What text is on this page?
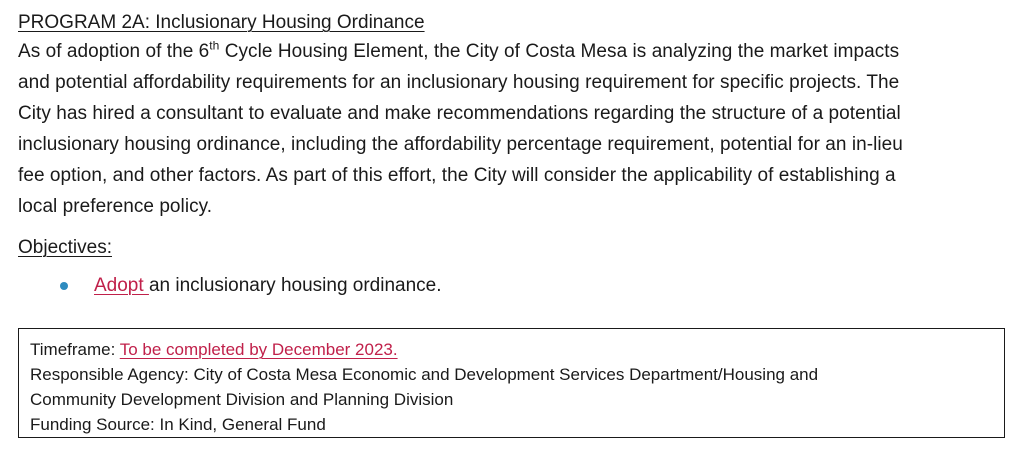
PROGRAM 2A: Inclusionary Housing Ordinance

As of adoption of the 6th Cycle Housing Element, the City of Costa Mesa is analyzing the market impacts
and potential affordability requirements for an inclusionary housing requirement for specific projects. The
City has hired a consultant to evaluate and make recommendations regarding the structure of a potential
inclusionary housing ordinance, including the affordability percentage requirement, potential for an in-lieu
fee option, and other factors. As part of this effort, the City will consider the applicability of establishing a
local preference policy.

Objectives:

Adopt an inclusionary housing ordinance.

Timeframe: To be completed by December 2023.

Responsible Agency: City of Costa Mesa Economic and Development Services Department/Housing and

Community Development Division and Planning Division

Funding Source: In Kind, General Fund
